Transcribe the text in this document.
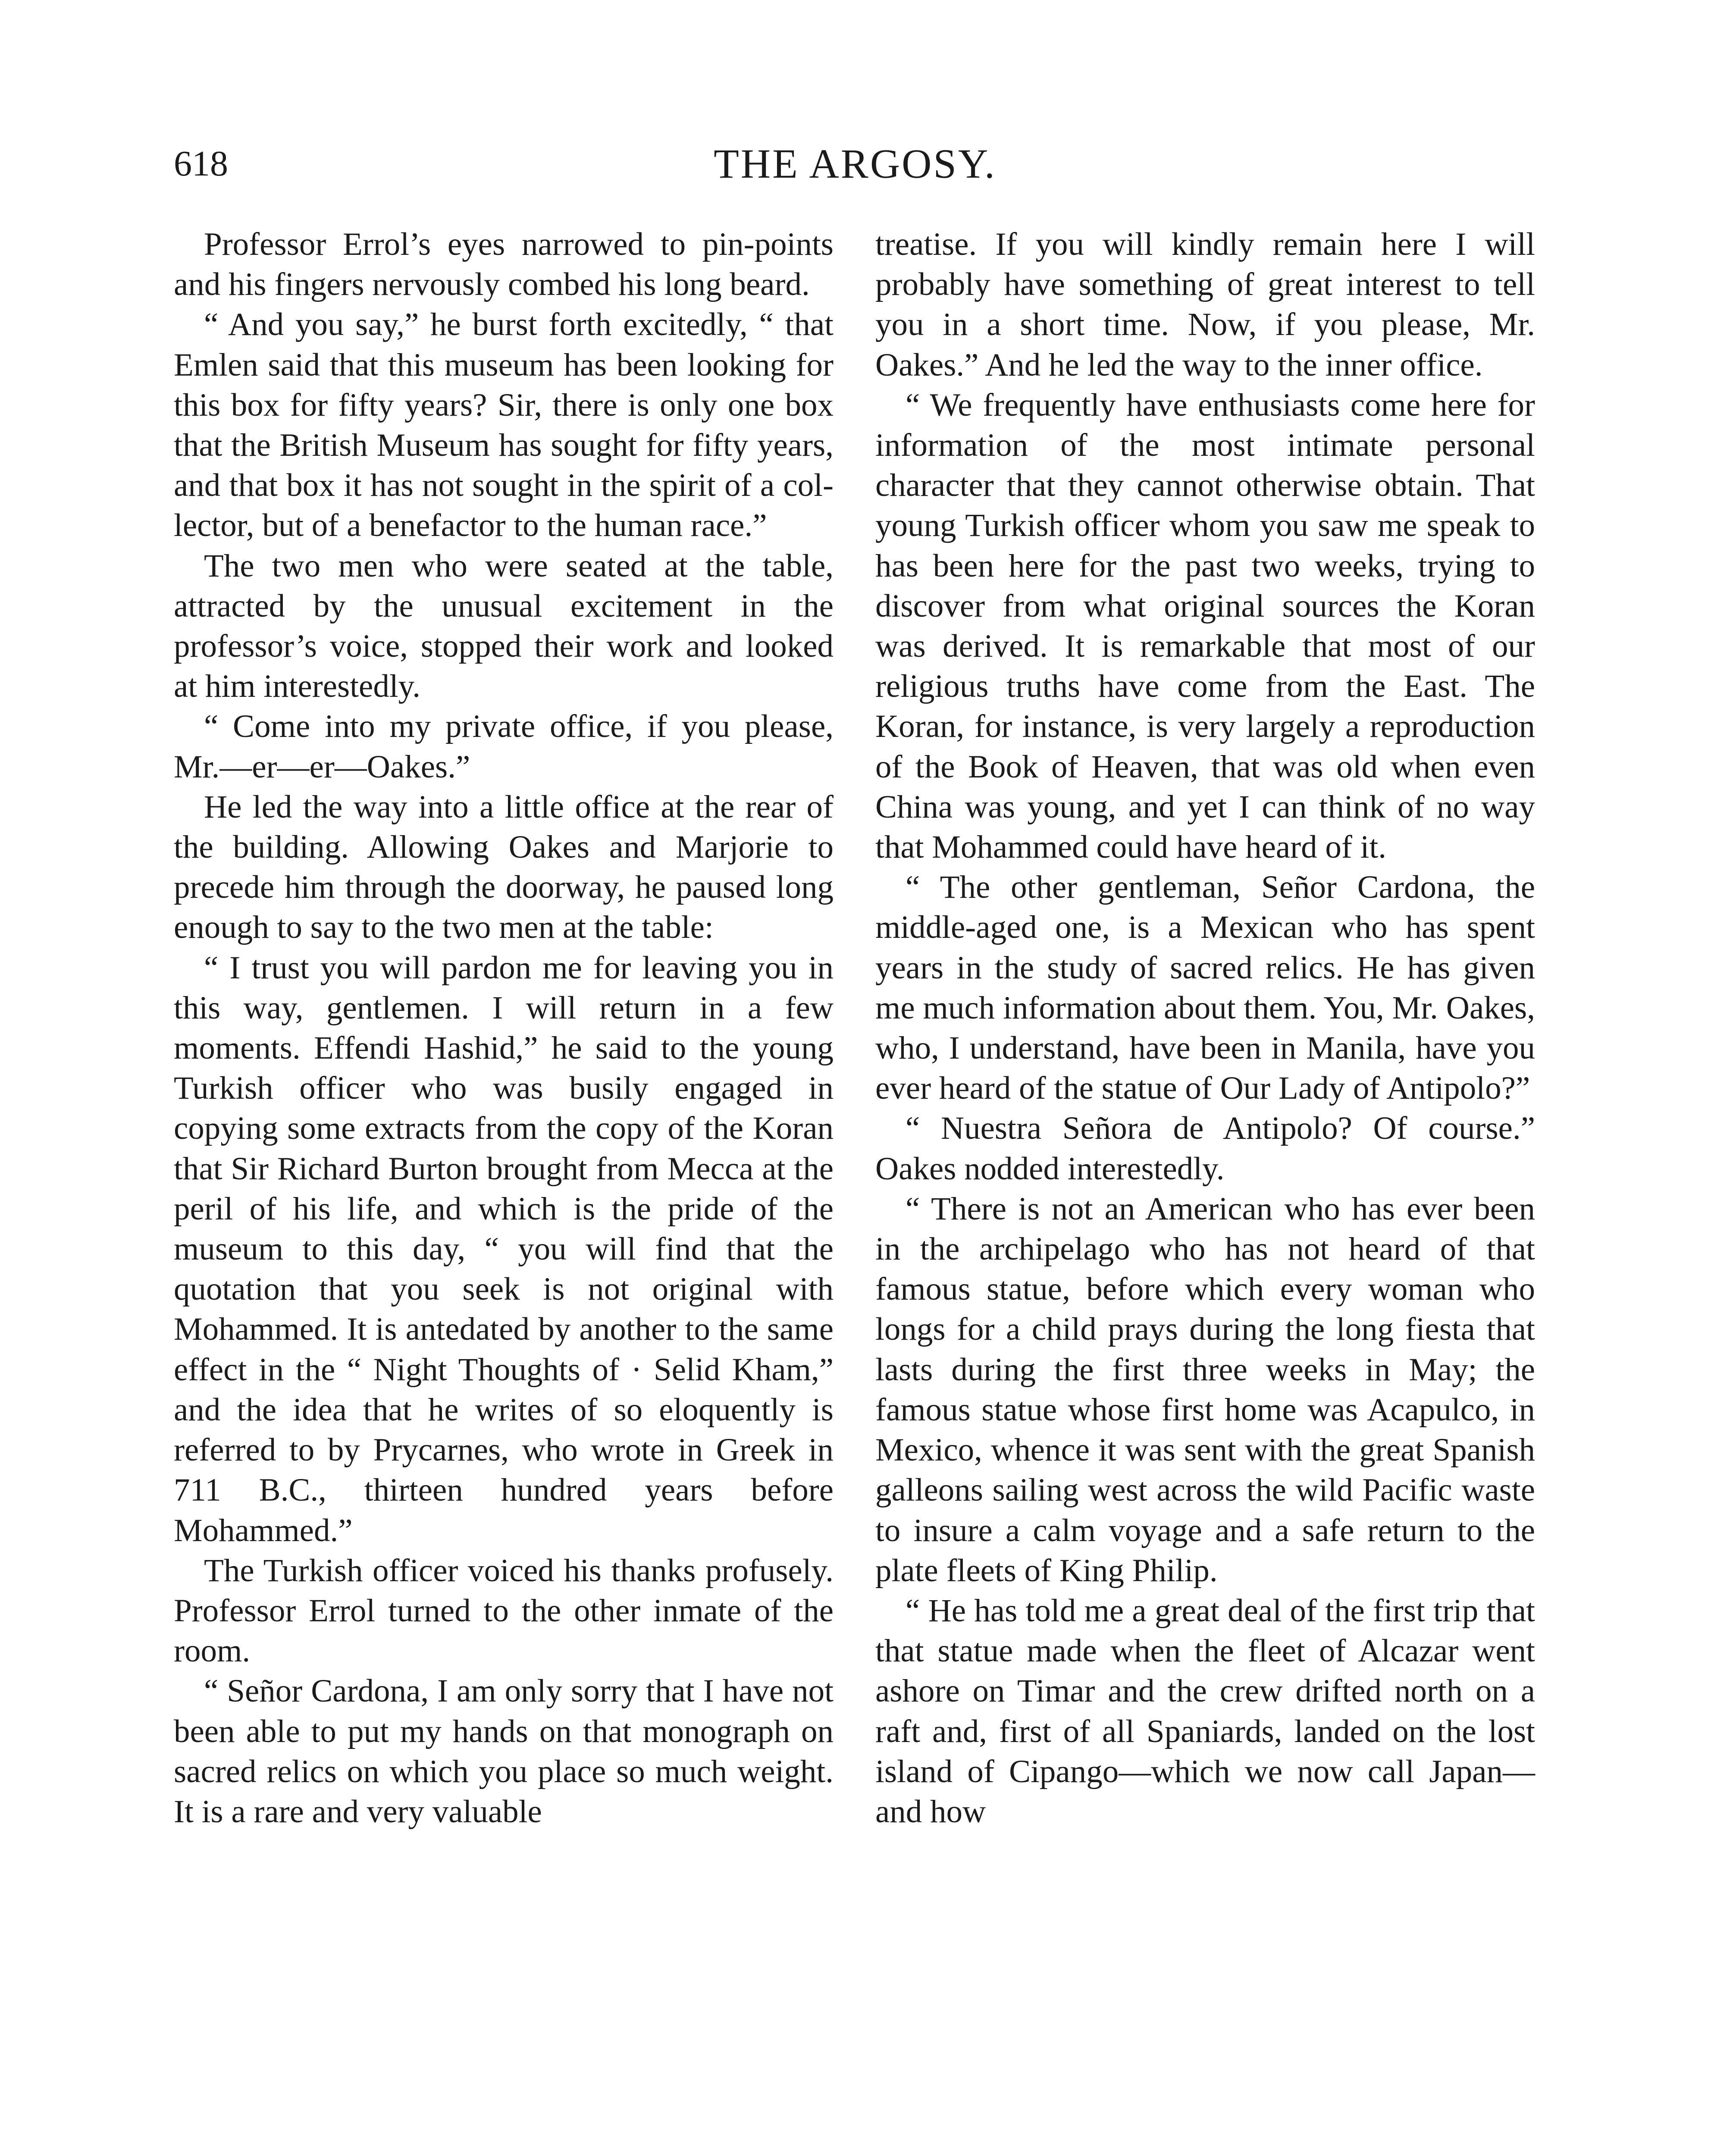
618	THE ARGOSY.

Professor Errol’s eyes narrowed to pin-points and his fingers nervously combed his long beard.

“ And you say,” he burst forth excitedly, “ that Emlen said that this museum has been looking for this box for fifty years? Sir, there is only one box that the British Museum has sought for fifty years, and that box it has not sought in the spirit of a collector, but of a benefactor to the human race.”

The two men who were seated at the table, attracted by the unusual excitement in the professor’s voice, stopped their work and looked at him interestedly.

“ Come into my private office, if you please, Mr.—er—er—Oakes.”

He led the way into a little office at the rear of the building. Allowing Oakes and Marjorie to precede him through the doorway, he paused long enough to say to the two men at the table:

“ I trust you will pardon me for leaving you in this way, gentlemen. I will return in a few moments. Effendi Hashid,” he said to the young Turkish officer who was busily engaged in copying some extracts from the copy of the Koran that Sir Richard Burton brought from Mecca at the peril of his life, and which is the pride of the museum to this day, “ you will find that the quotation that you seek is not original with Mohammed. It is antedated by another to the same effect in the “ Night Thoughts of · Selid Kham,” and the idea that he writes of so eloquently is referred to by Prycarnes, who wrote in Greek in 711 B.C., thirteen hundred years before Mohammed.”

The Turkish officer voiced his thanks profusely. Professor Errol turned to the other inmate of the room.

“ Señor Cardona, I am only sorry that I have not been able to put my hands on that monograph on sacred relics on which you place so much weight. It is a rare and very valuable

treatise. If you will kindly remain here I will probably have something of great interest to tell you in a short time. Now, if you please, Mr. Oakes.” And he led the way to the inner office.

“ We frequently have enthusiasts come here for information of the most intimate personal character that they cannot otherwise obtain. That young Turkish officer whom you saw me speak to has been here for the past two weeks, trying to discover from what original sources the Koran was derived. It is remarkable that most of our religious truths have come from the East. The Koran, for instance, is very largely a reproduction of the Book of Heaven, that was old when even China was young, and yet I can think of no way that Mohammed could have heard of it.

“ The other gentleman, Señor Cardona, the middle-aged one, is a Mexican who has spent years in the study of sacred relics. He has given me much information about them. You, Mr. Oakes, who, I understand, have been in Manila, have you ever heard of the statue of Our Lady of Antipolo?”

“ Nuestra Señora de Antipolo? Of course.” Oakes nodded interestedly.

“ There is not an American who has ever been in the archipelago who has not heard of that famous statue, before which every woman who longs for a child prays during the long fiesta that lasts during the first three weeks in May; the famous statue whose first home was Acapulco, in Mexico, whence it was sent with the great Spanish galleons sailing west across the wild Pacific waste to insure a calm voyage and a safe return to the plate fleets of King Philip.

“ He has told me a great deal of the first trip that that statue made when the fleet of Alcazar went ashore on Timar and the crew drifted north on a raft and, first of all Spaniards, landed on the lost island of Cipango—which we now call Japan—and how
